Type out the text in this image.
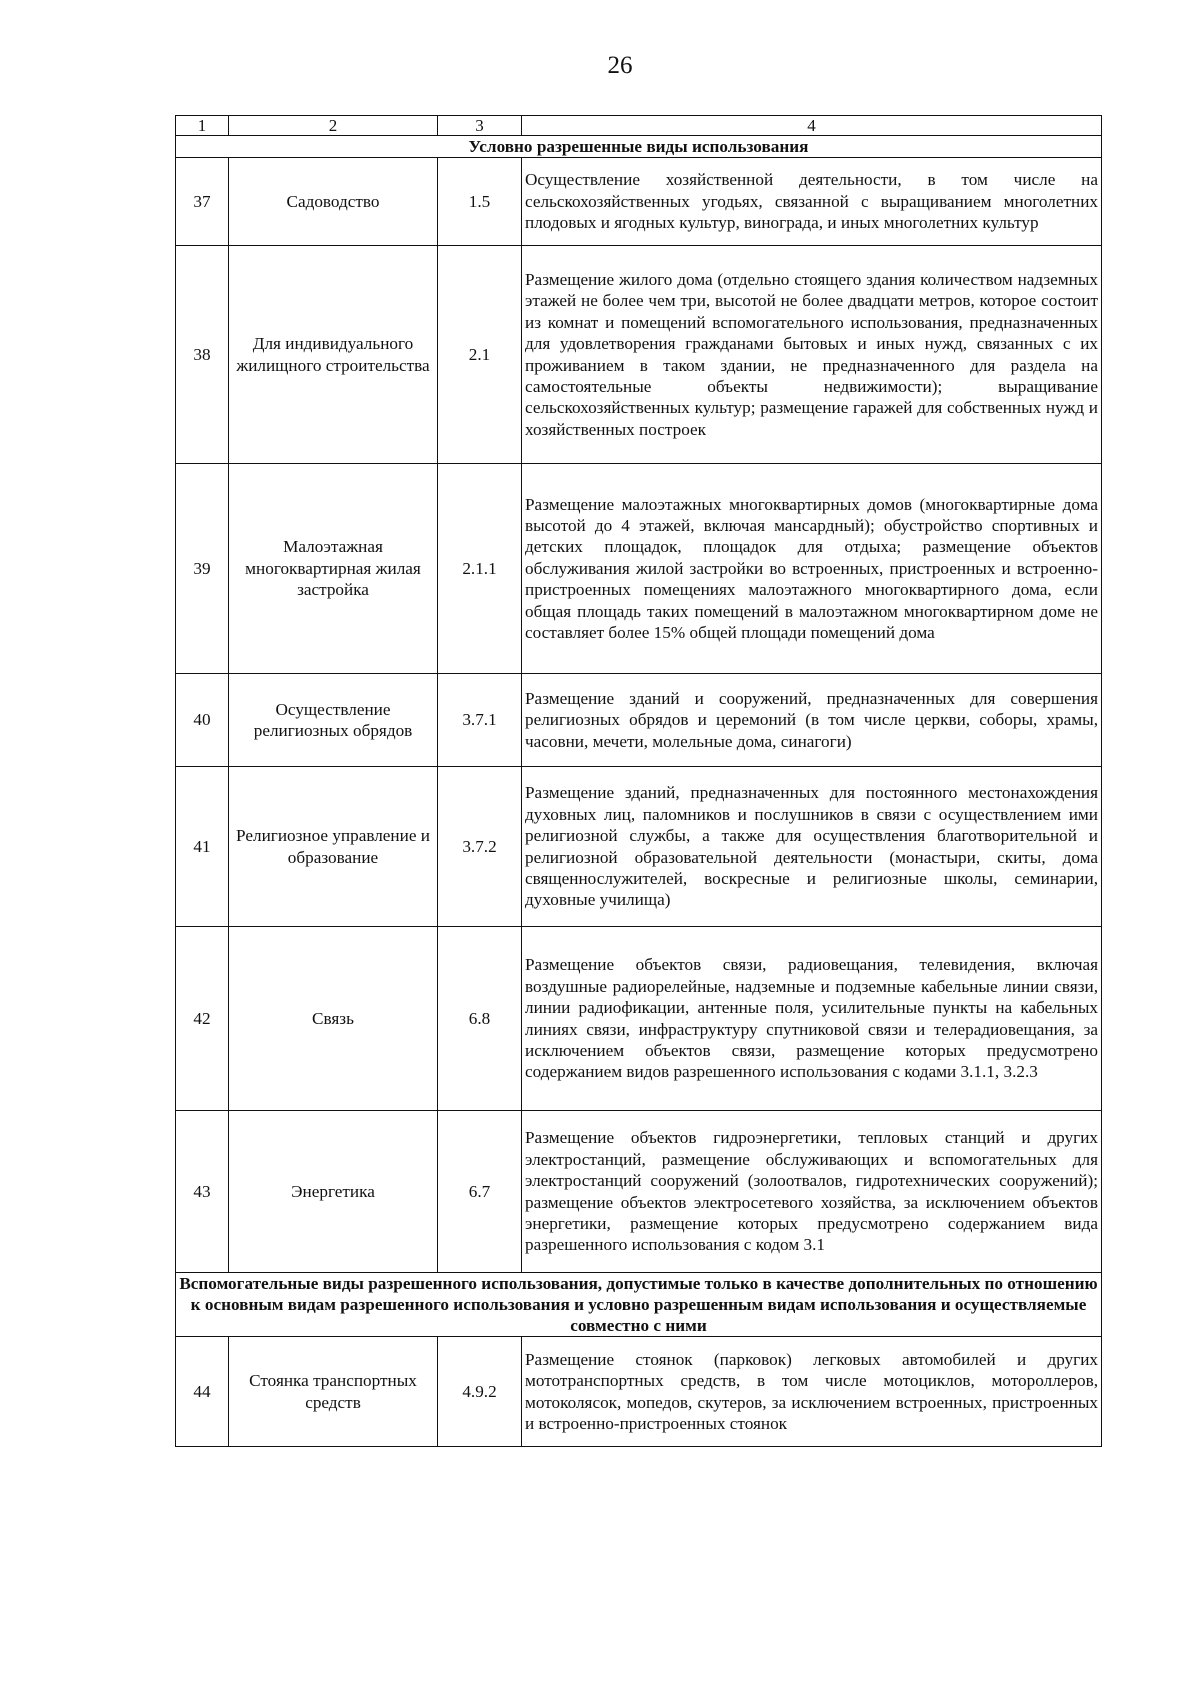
26
1	2	3	4
Условно разрешенные виды использования			
37	Садоводство	1.5	Осуществление хозяйственной деятельности, в том числе на сельскохозяйственных угодьях, связанной с выращиванием многолетних плодовых и ягодных культур, винограда, и иных многолетних культур
38	Для индивидуального жилищного строительства	2.1	Размещение жилого дома (отдельно стоящего здания количеством надземных этажей не более чем три, высотой не более двадцати метров, которое состоит из комнат и помещений вспомогательного использования, предназначенных для удовлетворения гражданами бытовых и иных нужд, связанных с их проживанием в таком здании, не предназначенного для раздела на самостоятельные объекты недвижимости); выращивание сельскохозяйственных культур; размещение гаражей для собственных нужд и хозяйственных построек
39	Малоэтажная многоквартирная жилая застройка	2.1.1	Размещение малоэтажных многоквартирных домов (многоквартирные дома высотой до 4 этажей, включая мансардный); обустройство спортивных и детских площадок, площадок для отдыха; размещение объектов обслуживания жилой застройки во встроенных, пристроенных и встроенно-пристроенных помещениях малоэтажного многоквартирного дома, если общая площадь таких помещений в малоэтажном многоквартирном доме не составляет более 15% общей площади помещений дома
40	Осуществление религиозных обрядов	3.7.1	Размещение зданий и сооружений, предназначенных для совершения религиозных обрядов и церемоний (в том числе церкви, соборы, храмы, часовни, мечети, молельные дома, синагоги)
41	Религиозное управление и образование	3.7.2	Размещение зданий, предназначенных для постоянного местонахождения духовных лиц, паломников и послушников в связи с осуществлением ими религиозной службы, а также для осуществления благотворительной и религиозной образовательной деятельности (монастыри, скиты, дома священнослужителей, воскресные и религиозные школы, семинарии, духовные училища)
42	Связь	6.8	Размещение объектов связи, радиовещания, телевидения, включая воздушные радиорелейные, надземные и подземные кабельные линии связи, линии радиофикации, антенные поля, усилительные пункты на кабельных линиях связи, инфраструктуру спутниковой связи и телерадиовещания, за исключением объектов связи, размещение которых предусмотрено содержанием видов разрешенного использования с кодами 3.1.1, 3.2.3
43	Энергетика	6.7	Размещение объектов гидроэнергетики, тепловых станций и других электростанций, размещение обслуживающих и вспомогательных для электростанций сооружений (золоотвалов, гидротехнических сооружений); размещение объектов электросетевого хозяйства, за исключением объектов энергетики, размещение которых предусмотрено содержанием вида разрешенного использования с кодом 3.1
Вспомогательные виды разрешенного использования, допустимые только в качестве дополнительных по отношению к основным видам разрешенного использования и условно разрешенным видам использования и осуществляемые совместно с ними			
44	Стоянка транспортных средств	4.9.2	Размещение стоянок (парковок) легковых автомобилей и других мототранспортных средств, в том числе мотоциклов, мотороллеров, мотоколясок, мопедов, скутеров, за исключением встроенных, пристроенных и встроенно-пристроенных стоянок
